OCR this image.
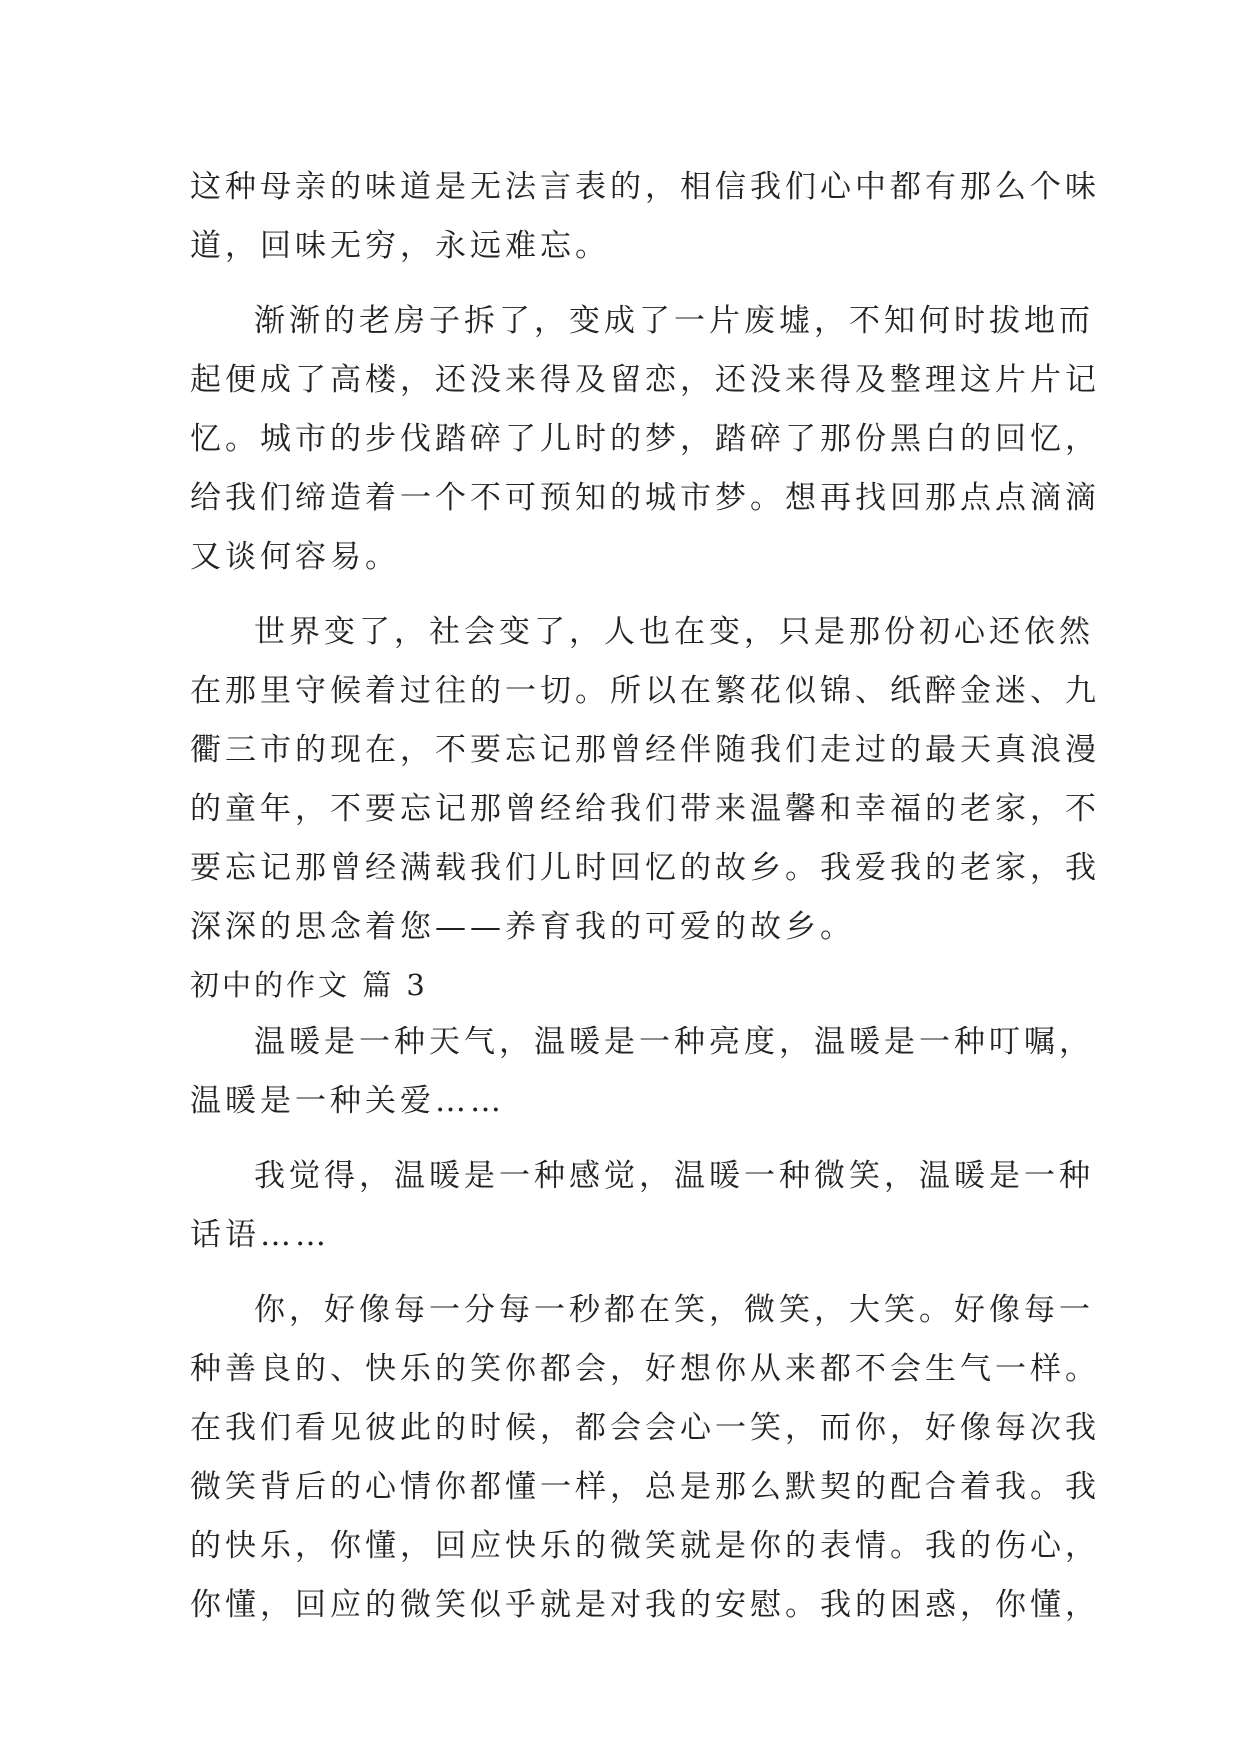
这种母亲的味道是无法言表的，相信我们心中都有那么个味
道，回味无穷，永远难忘。
渐渐的老房子拆了，变成了一片废墟，不知何时拔地而
起便成了高楼，还没来得及留恋，还没来得及整理这片片记
忆。城市的步伐踏碎了儿时的梦，踏碎了那份黑白的回忆，
给我们缔造着一个不可预知的城市梦。想再找回那点点滴滴
又谈何容易。
世界变了，社会变了，人也在变，只是那份初心还依然
在那里守候着过往的一切。所以在繁花似锦、纸醉金迷、九
衢三市的现在，不要忘记那曾经伴随我们走过的最天真浪漫
的童年，不要忘记那曾经给我们带来温馨和幸福的老家，不
要忘记那曾经满载我们儿时回忆的故乡。我爱我的老家，我
深深的思念着您——养育我的可爱的故乡。
初中的作文 篇 3
温暖是一种天气，温暖是一种亮度，温暖是一种叮嘱，
温暖是一种关爱……
我觉得，温暖是一种感觉，温暖一种微笑，温暖是一种
话语……
你，好像每一分每一秒都在笑，微笑，大笑。好像每一
种善良的、快乐的笑你都会，好想你从来都不会生气一样。
在我们看见彼此的时候，都会会心一笑，而你，好像每次我
微笑背后的心情你都懂一样，总是那么默契的配合着我。我
的快乐，你懂，回应快乐的微笑就是你的表情。我的伤心，
你懂，回应的微笑似乎就是对我的安慰。我的困惑，你懂，
